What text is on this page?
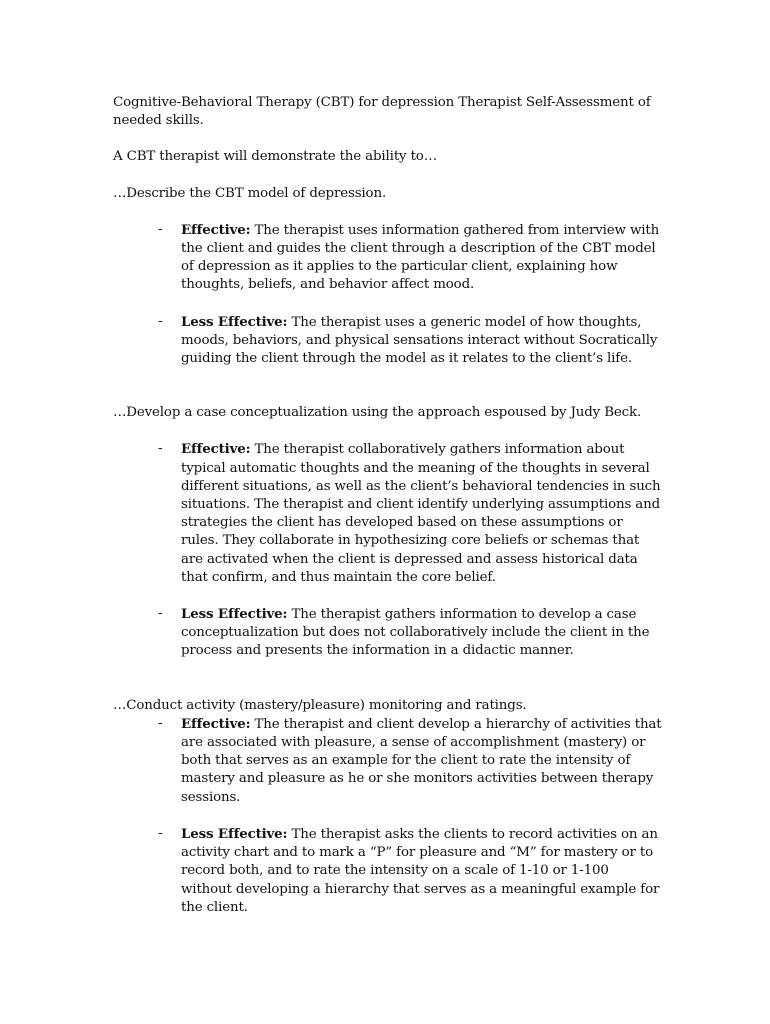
Cognitive-Behavioral Therapy (CBT) for depression Therapist Self-Assessment of needed skills.

A CBT therapist will demonstrate the ability to…

…Describe the CBT model of depression.

- Effective: The therapist uses information gathered from interview with the client and guides the client through a description of the CBT model of depression as it applies to the particular client, explaining how thoughts, beliefs, and behavior affect mood.
- Less Effective: The therapist uses a generic model of how thoughts, moods, behaviors, and physical sensations interact without Socratically guiding the client through the model as it relates to the client’s life.

…Develop a case conceptualization using the approach espoused by Judy Beck.

- Effective: The therapist collaboratively gathers information about typical automatic thoughts and the meaning of the thoughts in several different situations, as well as the client’s behavioral tendencies in such situations. The therapist and client identify underlying assumptions and strategies the client has developed based on these assumptions or rules. They collaborate in hypothesizing core beliefs or schemas that are activated when the client is depressed and assess historical data that confirm, and thus maintain the core belief.
- Less Effective: The therapist gathers information to develop a case conceptualization but does not collaboratively include the client in the process and presents the information in a didactic manner.

…Conduct activity (mastery/pleasure) monitoring and ratings.

- Effective: The therapist and client develop a hierarchy of activities that are associated with pleasure, a sense of accomplishment (mastery) or both that serves as an example for the client to rate the intensity of mastery and pleasure as he or she monitors activities between therapy sessions.
- Less Effective: The therapist asks the clients to record activities on an activity chart and to mark a “P” for pleasure and “M” for mastery or to record both, and to rate the intensity on a scale of 1-10 or 1-100 without developing a hierarchy that serves as a meaningful example for the client.
